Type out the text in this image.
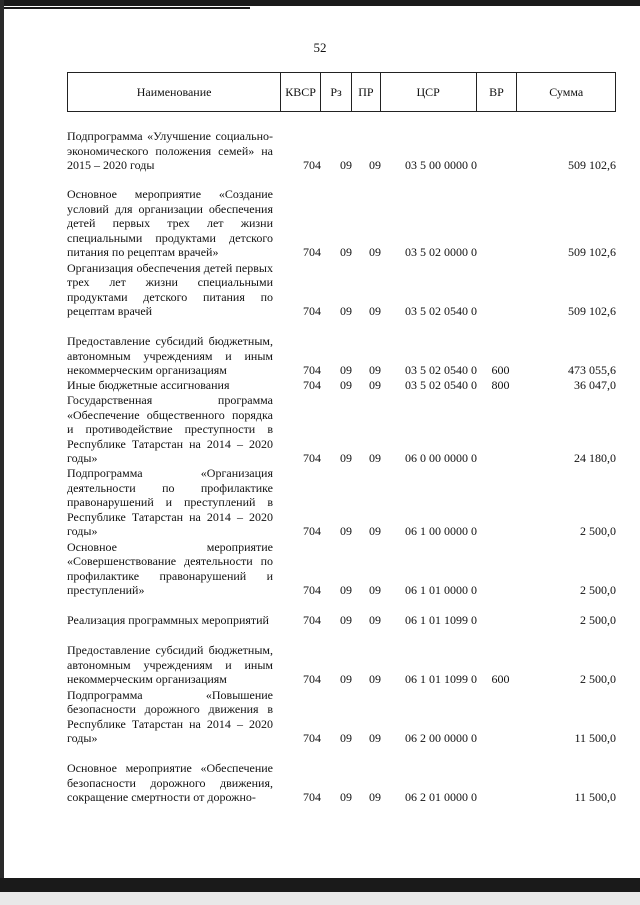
52
Наименование	КВСР	Рз	ПР	ЦСР	ВР	Сумма
Подпрограмма «Улучшение социально-экономического положения семей» на 2015 – 2020 годы	704	09	09	03 5 00 0000 0	509 102,6
Основное мероприятие «Создание условий для организации обеспечения детей первых трех лет жизни специальными продуктами детского питания по рецептам врачей»	704	09	09	03 5 02 0000 0	509 102,6
Организация обеспечения детей первых трех лет жизни специальными продуктами детского питания по рецептам врачей	704	09	09	03 5 02 0540 0	509 102,6
Предоставление субсидий бюджетным, автономным учреждениям и иным некоммерческим организациям	704	09	09	03 5 02 0540 0	600	473 055,6
Иные бюджетные ассигнования	704	09	09	03 5 02 0540 0	800	36 047,0
Государственная программа «Обеспечение общественного порядка и противодействие преступности в Республике Татарстан на 2014 – 2020 годы»	704	09	09	06 0 00 0000 0	24 180,0
Подпрограмма «Организация деятельности по профилактике правонарушений и преступлений в Республике Татарстан на 2014 – 2020 годы»	704	09	09	06 1 00 0000 0	2 500,0
Основное мероприятие «Совершенствование деятельности по профилактике правонарушений и преступлений»	704	09	09	06 1 01 0000 0	2 500,0
Реализация программных мероприятий	704	09	09	06 1 01 1099 0	2 500,0
Предоставление субсидий бюджетным, автономным учреждениям и иным некоммерческим организациям	704	09	09	06 1 01 1099 0	600	2 500,0
Подпрограмма «Повышение безопасности дорожного движения в Республике Татарстан на 2014 – 2020 годы»	704	09	09	06 2 00 0000 0	11 500,0
Основное мероприятие «Обеспечение безопасности дорожного движения, сокращение смертности от дорожно-	704	09	09	06 2 01 0000 0	11 500,0
